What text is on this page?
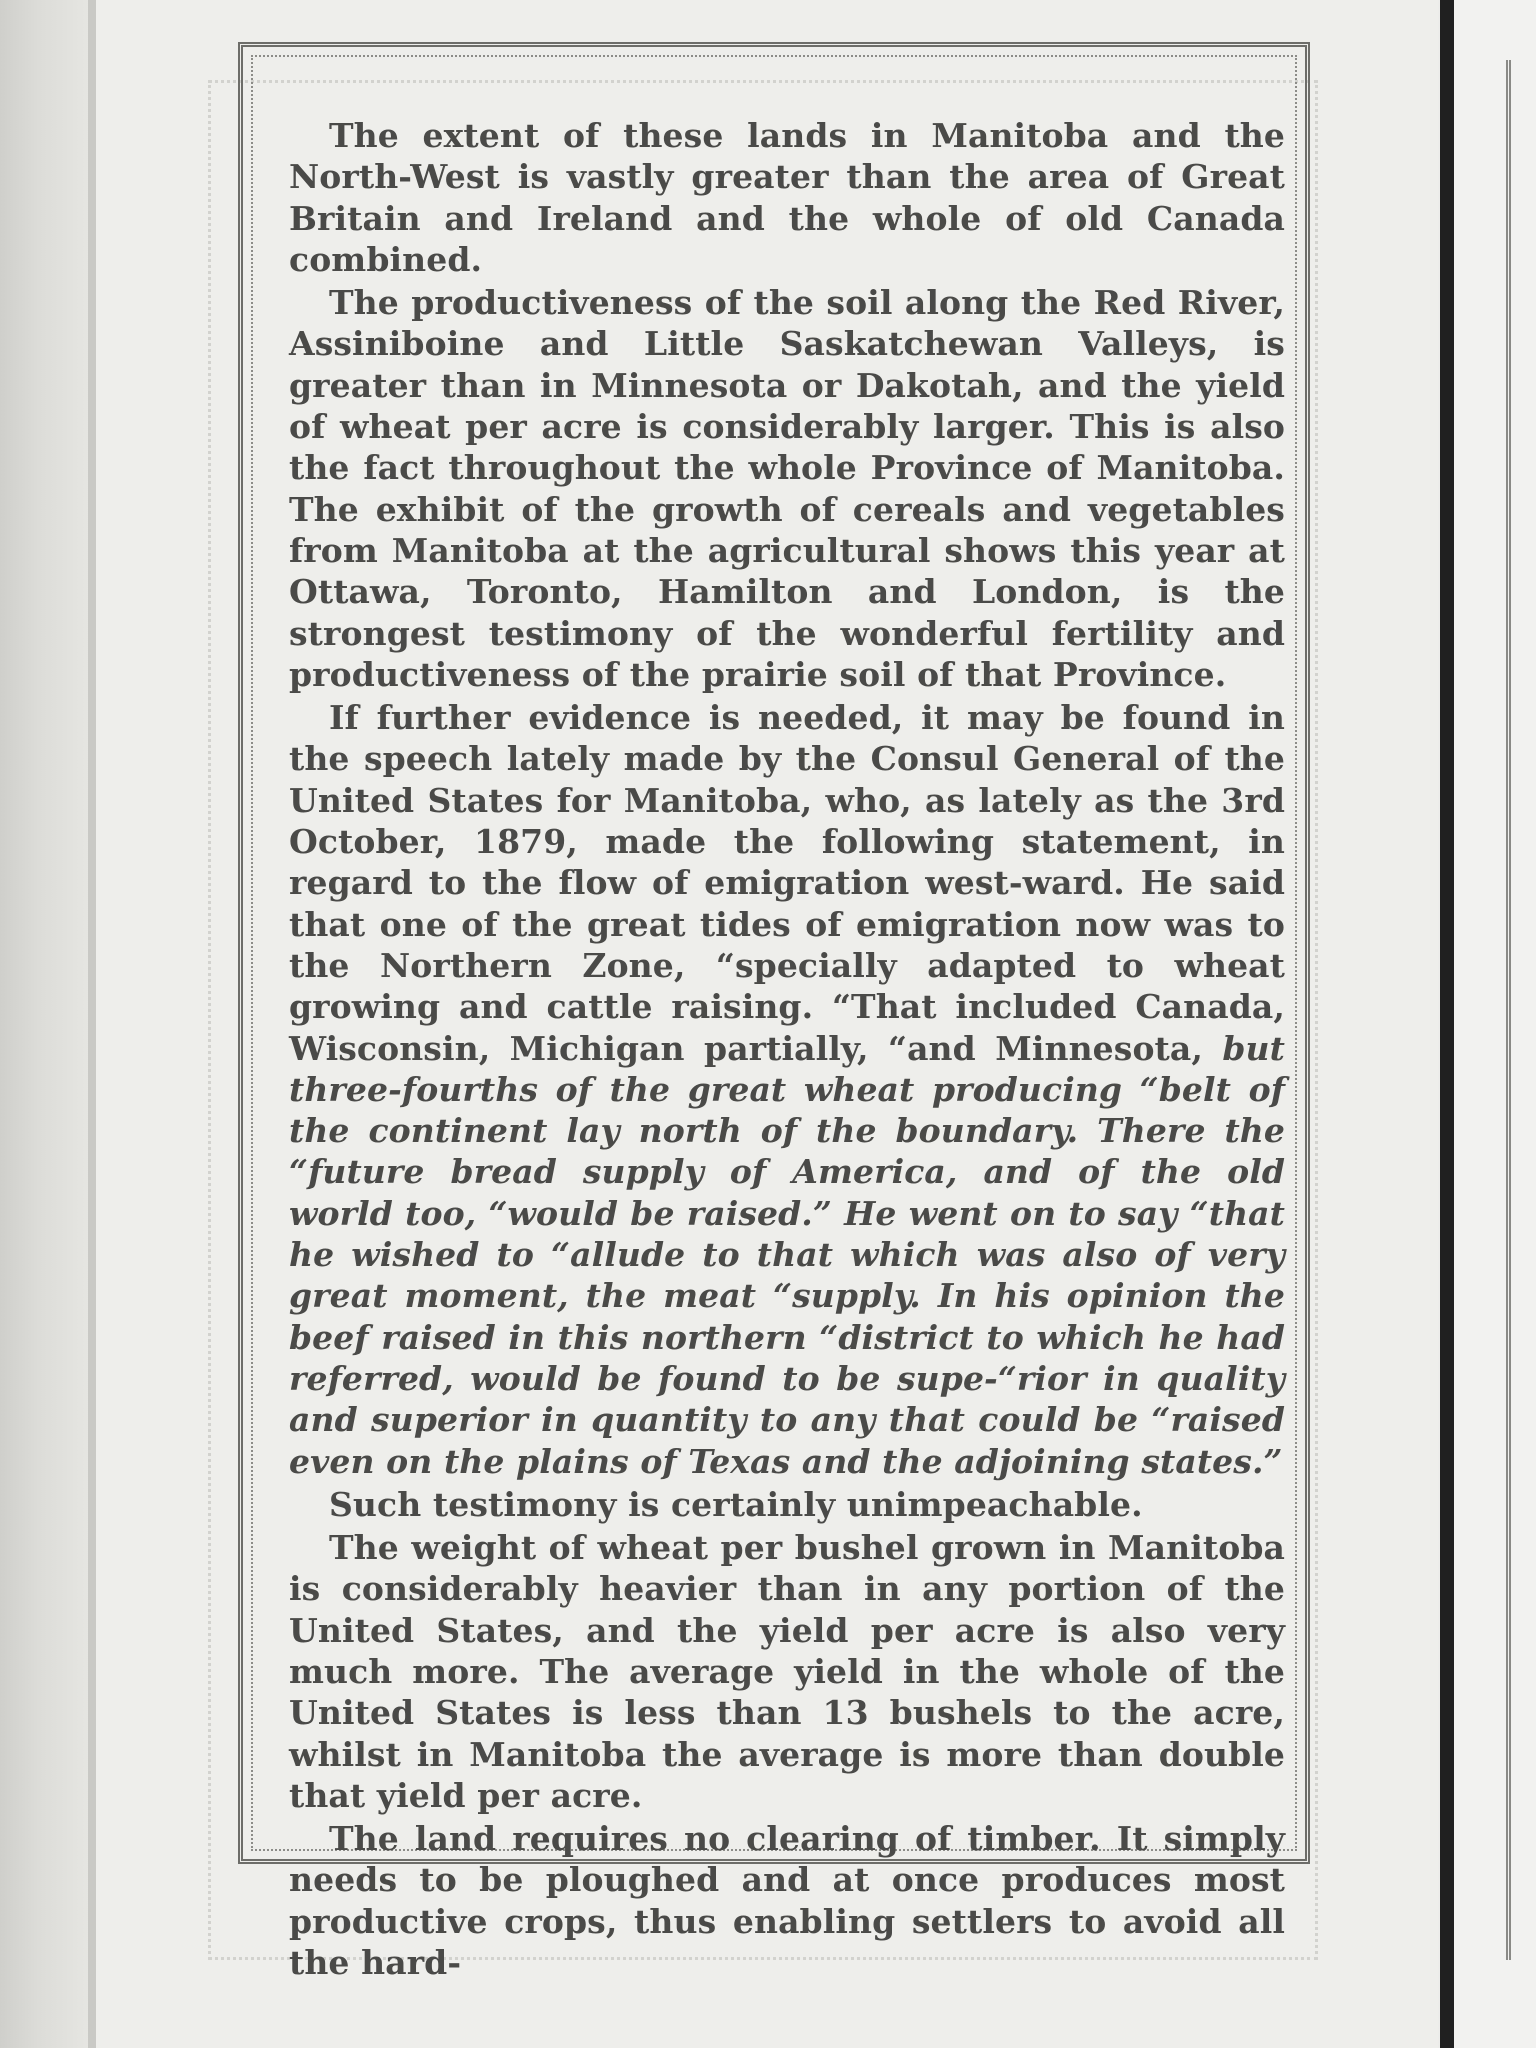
The extent of these lands in Manitoba and the North-West is vastly greater than the area of Great Britain and Ireland and the whole of old Canada combined.

The productiveness of the soil along the Red River, Assiniboine and Little Saskatchewan Valleys, is greater than in Minnesota or Dakotah, and the yield of wheat per acre is considerably larger. This is also the fact throughout the whole Province of Manitoba. The exhibit of the growth of cereals and vegetables from Manitoba at the agricultural shows this year at Ottawa, Toronto, Hamilton and London, is the strongest testimony of the wonderful fertility and productiveness of the prairie soil of that Province.

If further evidence is needed, it may be found in the speech lately made by the Consul General of the United States for Manitoba, who, as lately as the 3rd October, 1879, made the following statement, in regard to the flow of emigration west-ward. He said that one of the great tides of emigration now was to the Northern Zone, “specially adapted to wheat growing and cattle raising. “That included Canada, Wisconsin, Michigan partially, “and Minnesota, but three-fourths of the great wheat producing “belt of the continent lay north of the boundary. There the “future bread supply of America, and of the old world too, “would be raised.” He went on to say “that he wished to “allude to that which was also of very great moment, the meat “supply. In his opinion the beef raised in this northern “district to which he had referred, would be found to be supe-“rior in quality and superior in quantity to any that could be “raised even on the plains of Texas and the adjoining states.”

Such testimony is certainly unimpeachable.

The weight of wheat per bushel grown in Manitoba is considerably heavier than in any portion of the United States, and the yield per acre is also very much more. The average yield in the whole of the United States is less than 13 bushels to the acre, whilst in Manitoba the average is more than double that yield per acre.

The land requires no clearing of timber. It simply needs to be ploughed and at once produces most productive crops, thus enabling settlers to avoid all the hard-
